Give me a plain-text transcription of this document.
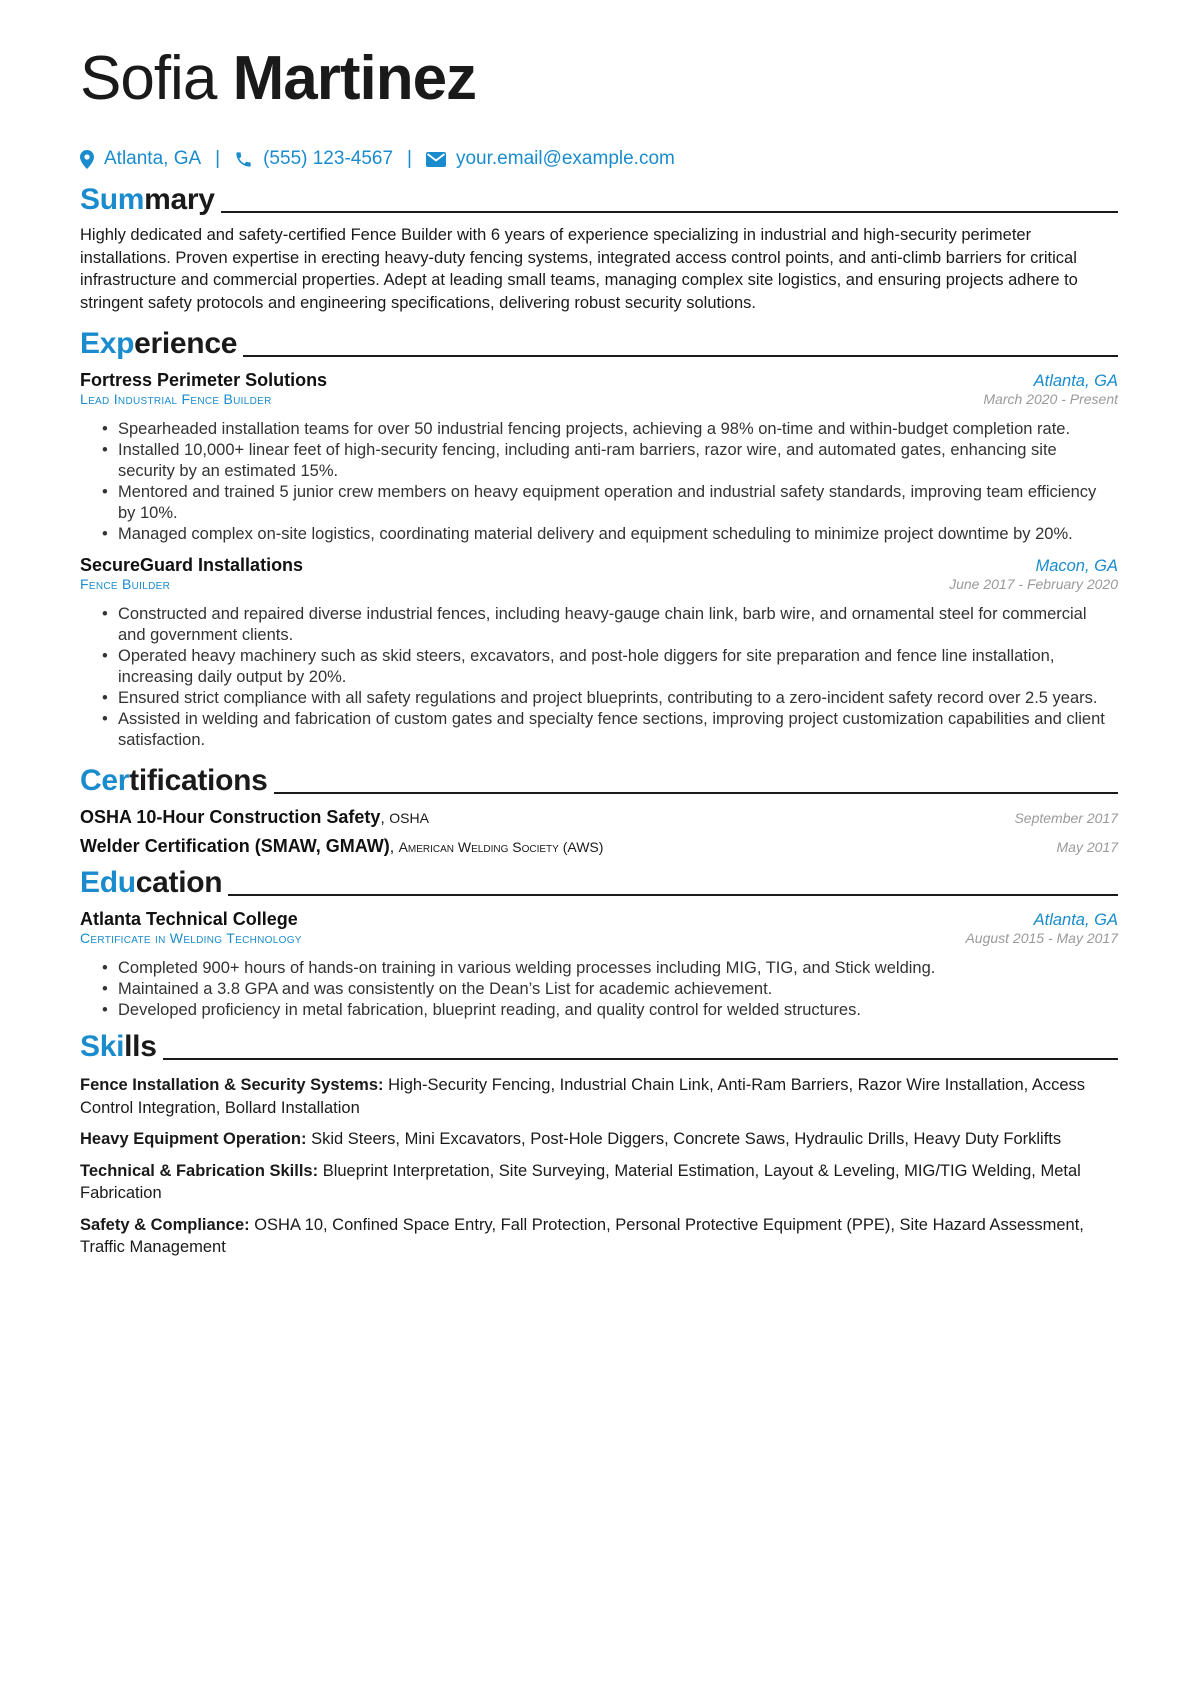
Sofia Martinez
Atlanta, GA | (555) 123-4567 | your.email@example.com
Summary

Highly dedicated and safety-certified Fence Builder with 6 years of experience specializing in industrial and high-security perimeter installations. Proven expertise in erecting heavy-duty fencing systems, integrated access control points, and anti-climb barriers for critical infrastructure and commercial properties. Adept at leading small teams, managing complex site logistics, and ensuring projects adhere to stringent safety protocols and engineering specifications, delivering robust security solutions.

Experience
Fortress Perimeter Solutions	Atlanta, GA
Lead Industrial Fence Builder	March 2020 - Present
• Spearheaded installation teams for over 50 industrial fencing projects, achieving a 98% on-time and within-budget completion rate.
• Installed 10,000+ linear feet of high-security fencing, including anti-ram barriers, razor wire, and automated gates, enhancing site security by an estimated 15%.
• Mentored and trained 5 junior crew members on heavy equipment operation and industrial safety standards, improving team efficiency by 10%.
• Managed complex on-site logistics, coordinating material delivery and equipment scheduling to minimize project downtime by 20%.
SecureGuard Installations	Macon, GA
Fence Builder	June 2017 - February 2020
• Constructed and repaired diverse industrial fences, including heavy-gauge chain link, barb wire, and ornamental steel for commercial and government clients.
• Operated heavy machinery such as skid steers, excavators, and post-hole diggers for site preparation and fence line installation, increasing daily output by 20%.
• Ensured strict compliance with all safety regulations and project blueprints, contributing to a zero-incident safety record over 2.5 years.
• Assisted in welding and fabrication of custom gates and specialty fence sections, improving project customization capabilities and client satisfaction.
Certifications
OSHA 10-Hour Construction Safety, OSHA	September 2017
Welder Certification (SMAW, GMAW), American Welding Society (AWS)	May 2017
Education
Atlanta Technical College	Atlanta, GA
Certificate in Welding Technology	August 2015 - May 2017
• Completed 900+ hours of hands-on training in various welding processes including MIG, TIG, and Stick welding.
• Maintained a 3.8 GPA and was consistently on the Dean’s List for academic achievement.
• Developed proficiency in metal fabrication, blueprint reading, and quality control for welded structures.
Skills
Fence Installation & Security Systems: High-Security Fencing, Industrial Chain Link, Anti-Ram Barriers, Razor Wire Installation, Access Control Integration, Bollard Installation
Heavy Equipment Operation: Skid Steers, Mini Excavators, Post-Hole Diggers, Concrete Saws, Hydraulic Drills, Heavy Duty Forklifts
Technical & Fabrication Skills: Blueprint Interpretation, Site Surveying, Material Estimation, Layout & Leveling, MIG/TIG Welding, Metal Fabrication
Safety & Compliance: OSHA 10, Confined Space Entry, Fall Protection, Personal Protective Equipment (PPE), Site Hazard Assessment, Traffic Management
